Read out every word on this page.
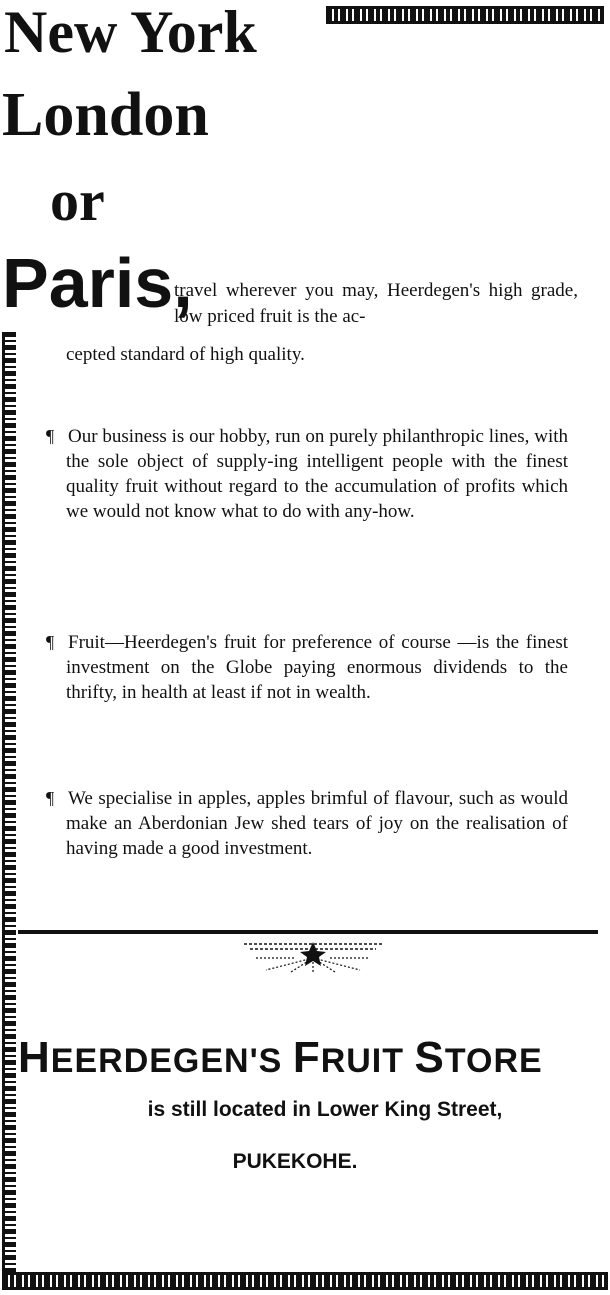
New York
London
or
Paris,

travel wherever you may, Heerdegen's high grade, low priced fruit is the ac-

cepted standard of high quality.

¶ Our business is our hobby, run on purely philanthropic lines, with the sole object of supply-ing intelligent people with the finest quality fruit without regard to the accumulation of profits which we would not know what to do with any-how.

¶ Fruit—Heerdegen's fruit for preference of course —is the finest investment on the Globe paying enormous dividends to the thrifty, in health at least if not in wealth.

¶ We specialise in apples, apples brimful of flavour, such as would make an Aberdonian Jew shed tears of joy on the realisation of having made a good investment.

HEERDEGEN'S FRUIT STORE

is still located in Lower King Street,

PUKEKOHE.
